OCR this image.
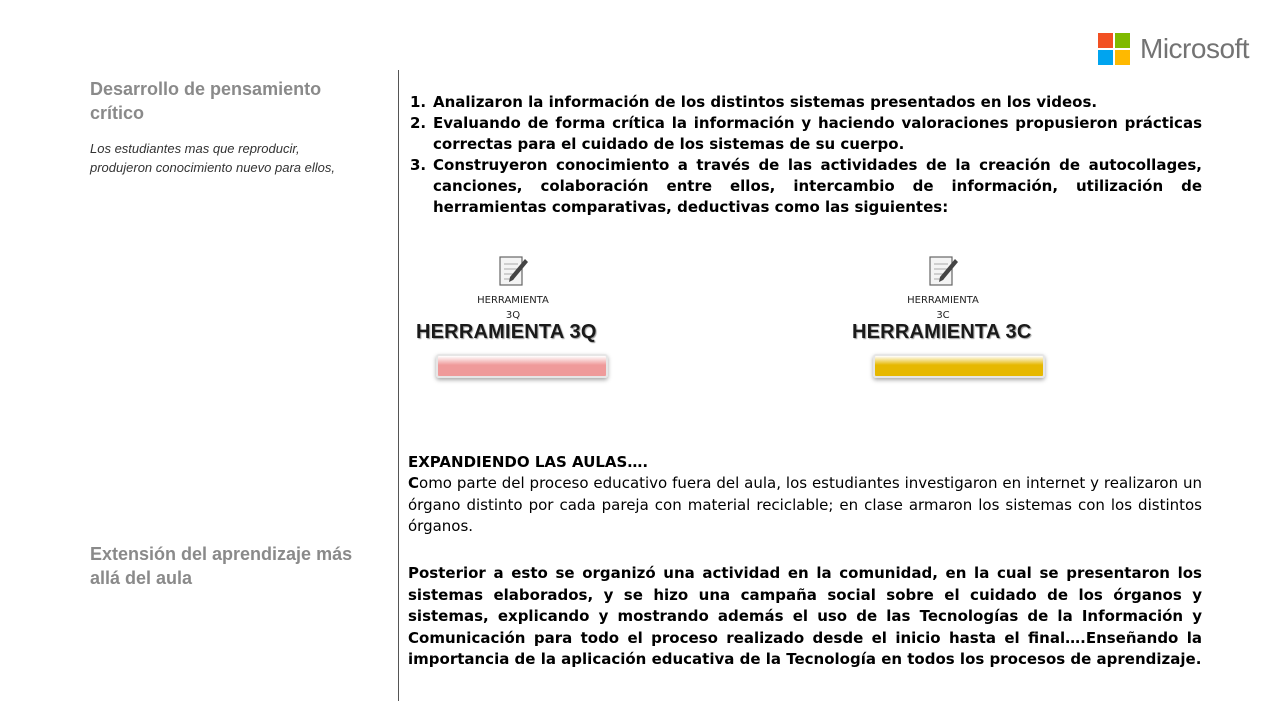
Microsoft

Desarrollo de pensamiento crítico

Los estudiantes mas que reproducir, produjeron conocimiento nuevo para ellos,

Extensión del aprendizaje más allá del aula

1. Analizaron la información de los distintos sistemas presentados en los videos.
2. Evaluando de forma crítica la información y haciendo valoraciones propusieron prácticas correctas para el cuidado de los sistemas de su cuerpo.
3. Construyeron conocimiento a través de las actividades de la creación de autocollages, canciones, colaboración entre ellos, intercambio de información, utilización de herramientas comparativas, deductivas como las siguientes:
HERRAMIENTA
3Q
HERRAMIENTA 3Q
HERRAMIENTA
3C
HERRAMIENTA 3C

EXPANDIENDO LAS AULAS….

Como parte del proceso educativo fuera del aula, los estudiantes investigaron en internet y realizaron un órgano distinto por cada pareja con material reciclable; en clase armaron los sistemas con los distintos órganos.

Posterior a esto se organizó una actividad en la comunidad, en la cual se presentaron los sistemas elaborados, y se hizo una campaña social sobre el cuidado de los órganos y sistemas, explicando y mostrando además el uso de las Tecnologías de la Información y Comunicación para todo el proceso realizado desde el inicio hasta el final….Enseñando la importancia de la aplicación educativa de la Tecnología en todos los procesos de aprendizaje.
